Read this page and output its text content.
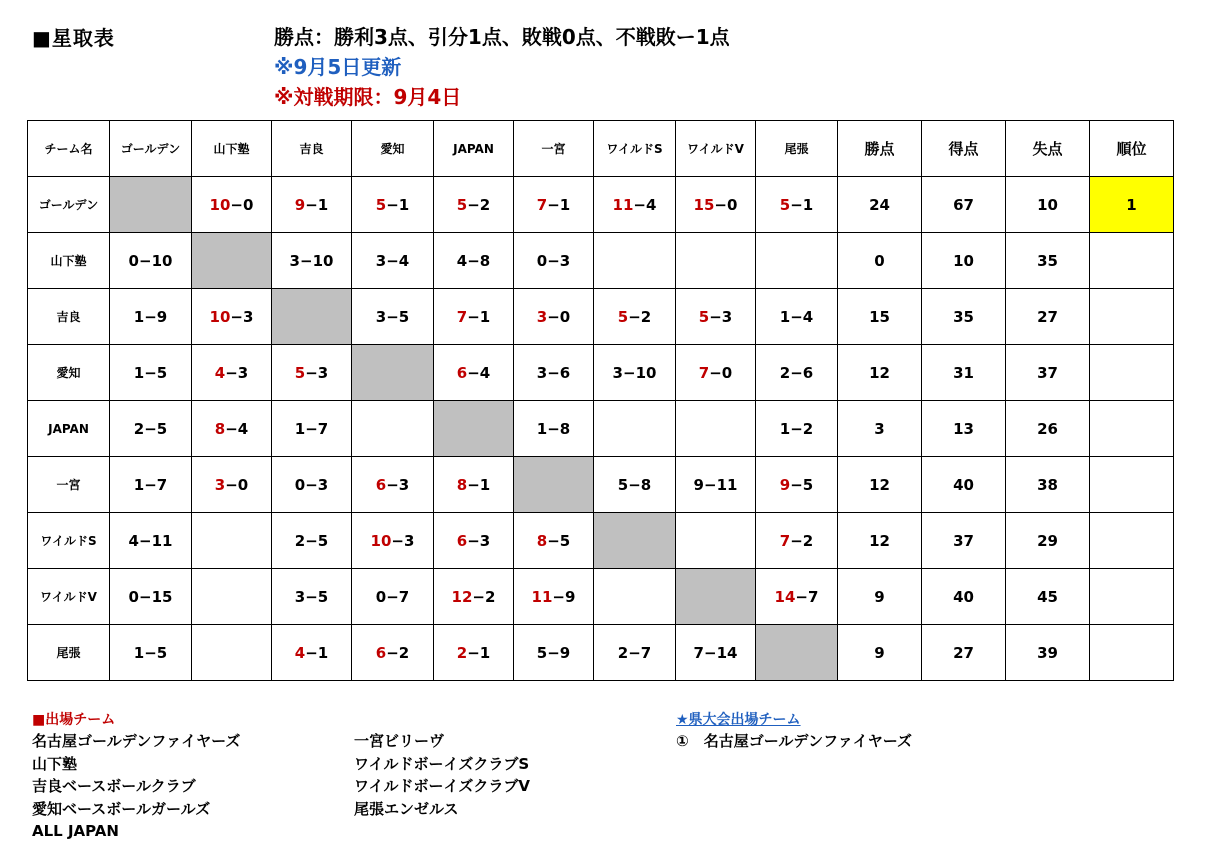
■星取表	勝点：勝利3点、引分1点、敗戦0点、不戦敗ー1点
※9月5日更新
※対戦期限：9月4日
チーム名	ゴールデン	山下塾	吉良	愛知	JAPAN	一宮	ワイルドS	ワイルドV	尾張	勝点	得点	失点	順位
ゴールデン		10−0	9−1	5−1	5−2	7−1	11−4	15−0	5−1	24	67	10	1
山下塾	0−10		3−10	3−4	4−8	0−3				0	10	35	
吉良	1−9	10−3		3−5	7−1	3−0	5−2	5−3	1−4	15	35	27	
愛知	1−5	4−3	5−3		6−4	3−6	3−10	7−0	2−6	12	31	37	
JAPAN	2−5	8−4	1−7			1−8			1−2	3	13	26	
一宮	1−7	3−0	0−3	6−3	8−1		5−8	9−11	9−5	12	40	38	
ワイルドS	4−11		2−5	10−3	6−3	8−5			7−2	12	37	29	
ワイルドV	0−15		3−5	0−7	12−2	11−9			14−7	9	40	45	
尾張	1−5		4−1	6−2	2−1	5−9	2−7	7−14		9	27	39	
■出場チーム
名古屋ゴールデンファイヤーズ
山下塾
吉良ベースボールクラブ
愛知ベースボールガールズ
ALL JAPAN
一宮ビリーヴ
ワイルドボーイズクラブS
ワイルドボーイズクラブV
尾張エンゼルス
★県大会出場チーム
①　名古屋ゴールデンファイヤーズ
